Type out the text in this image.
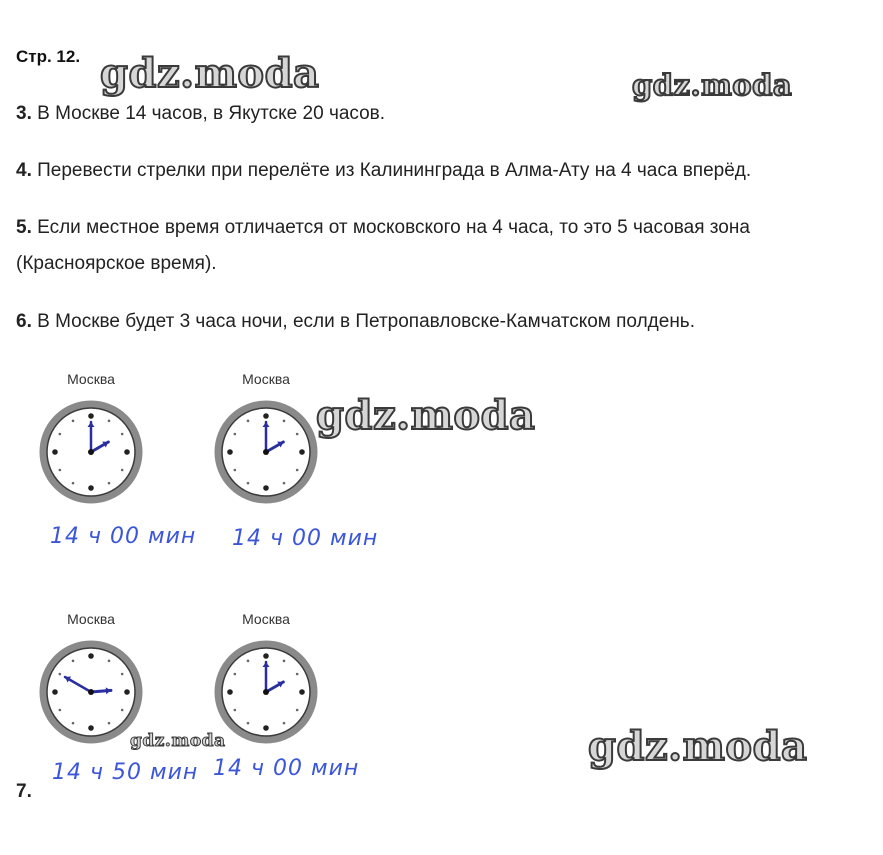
Стр. 12.
3. В Москве 14 часов, в Якутске 20 часов.
4. Перевести стрелки при перелёте из Калининграда в Алма-Ату на 4 часа вперёд.
5. Если местное время отличается от московского на 4 часа, то это 5 часовая зона
(Красноярское время).
6. В Москве будет 3 часа ночи, если в Петропавловске-Камчатском полдень.
Москва	Москва
Москва	Москва
14 ч 00 мин 14 ч 00 мин
14 ч 50 мин 14 ч 00 мин
7.
gdz.moda	gdz.moda
gdz.moda
gdz.moda	gdz.moda
